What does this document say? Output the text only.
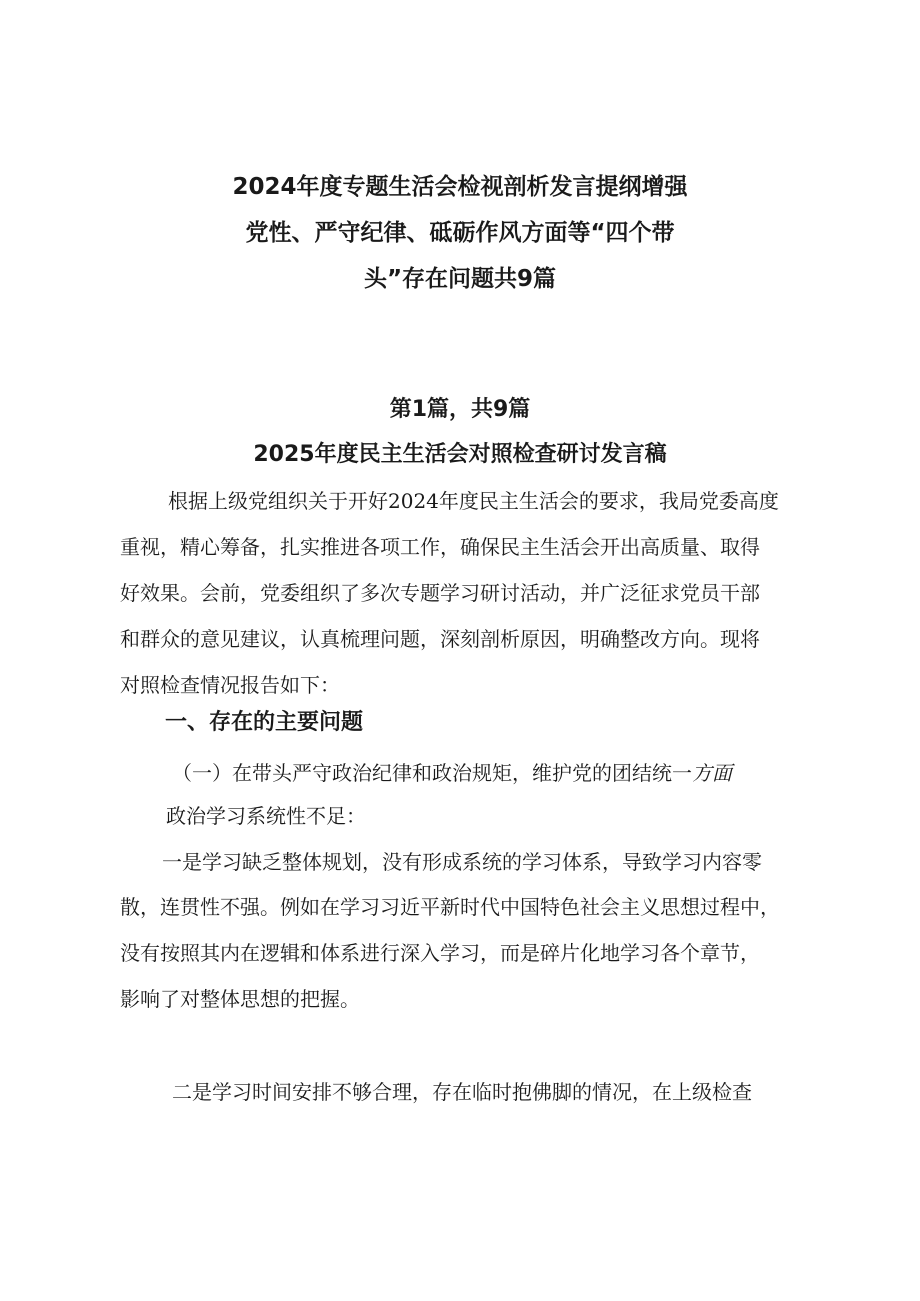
2024年度专题生活会检视剖析发言提纲增强
党性、严守纪律、砥砺作风方面等“四个带
头”存在问题共9篇
第1篇，共9篇
2025年度民主生活会对照检查研讨发言稿
根据上级党组织关于开好2024年度民主生活会的要求，我局党委高度
重视，精心筹备，扎实推进各项工作，确保民主生活会开出高质量、取得
好效果。会前，党委组织了多次专题学习研讨活动，并广泛征求党员干部
和群众的意见建议，认真梳理问题，深刻剖析原因，明确整改方向。现将
对照检查情况报告如下：
一、存在的主要问题
（一）在带头严守政治纪律和政治规矩，维护党的团结统一方面
政治学习系统性不足：
一是学习缺乏整体规划，没有形成系统的学习体系，导致学习内容零
散，连贯性不强。例如在学习习近平新时代中国特色社会主义思想过程中，
没有按照其内在逻辑和体系进行深入学习，而是碎片化地学习各个章节，
影响了对整体思想的把握。
二是学习时间安排不够合理，存在临时抱佛脚的情况，在上级检查
